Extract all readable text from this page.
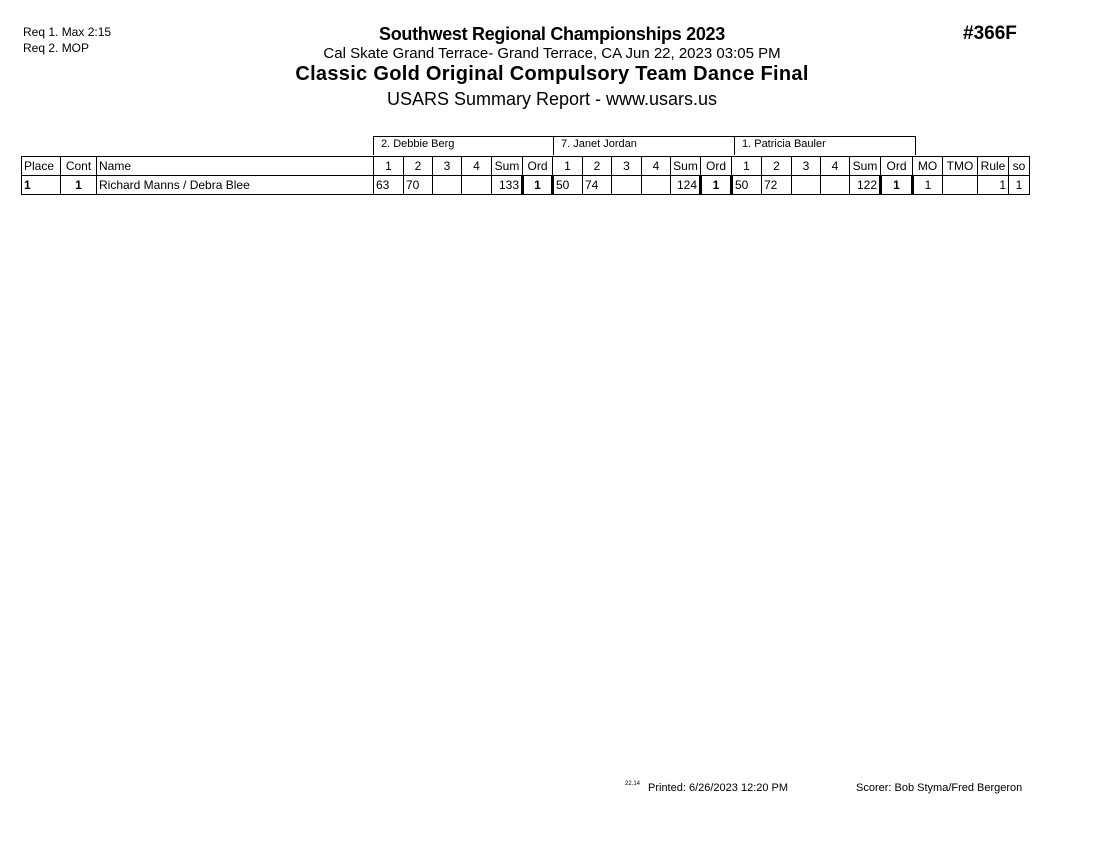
Req 1. Max 2:15
Req 2. MOP
Southwest Regional Championships 2023
Cal Skate Grand Terrace- Grand Terrace, CA Jun 22, 2023 03:05 PM
Classic Gold Original Compulsory Team Dance Final
USARS Summary Report - www.usars.us
#366F
2. Debbie Berg	7. Janet Jordan	1. Patricia Bauler
Place	Cont	Name	1	2	3	4	Sum	Ord	1	2	3	4	Sum	Ord	1	2	3	4	Sum	Ord	MO	TMO	Rule	so
1	1	Richard Manns / Debra Blee	63	70			133	1	50	74			124	1	50	72			122	1	1		1	1
22.14 Printed: 6/26/2023 12:20 PM	Scorer: Bob Styma/Fred Bergeron
